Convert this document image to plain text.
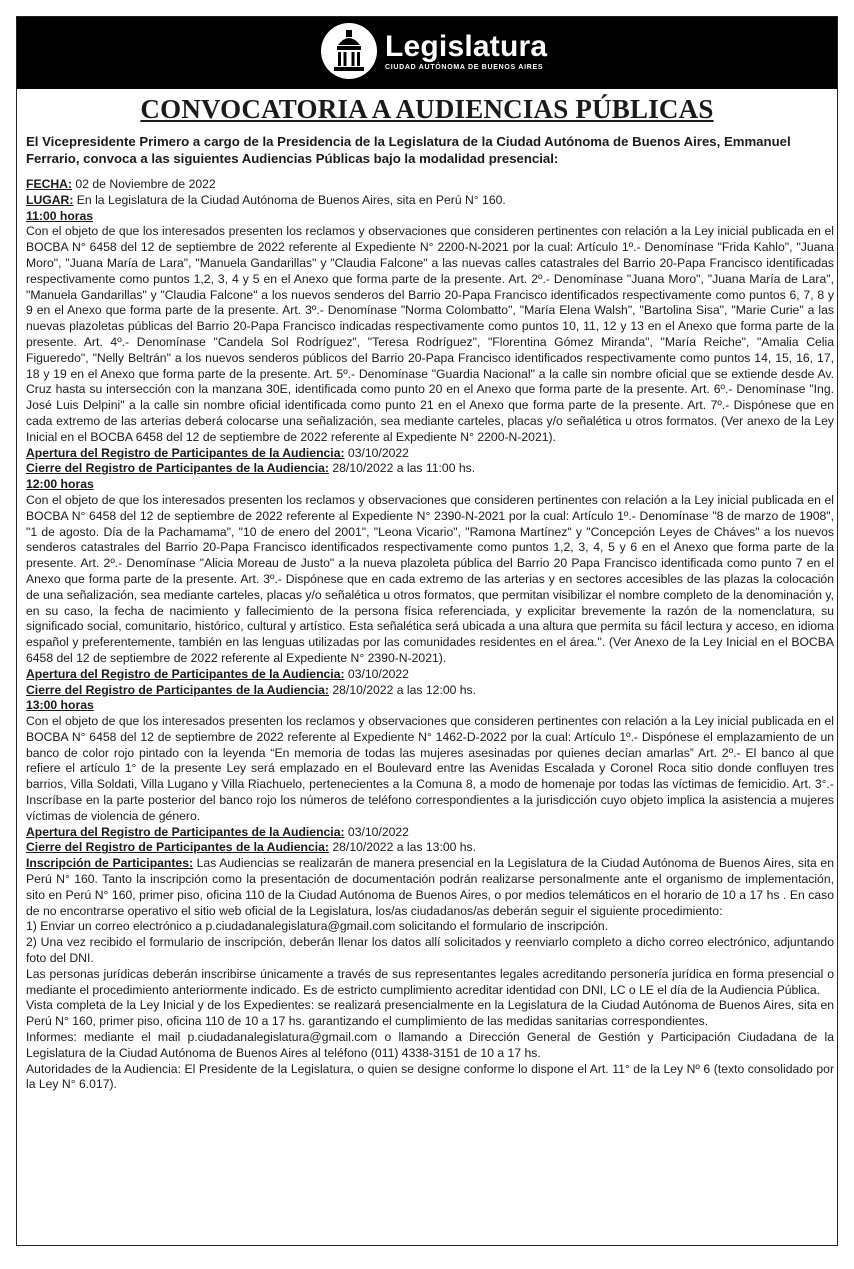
Legislatura
CIUDAD AUTÓNOMA DE BUENOS AIRES
CONVOCATORIA A AUDIENCIAS PÚBLICAS
El Vicepresidente Primero a cargo de la Presidencia de la Legislatura de la Ciudad Autónoma de Buenos Aires, Emmanuel Ferrario, convoca a las siguientes Audiencias Públicas bajo la modalidad presencial:

FECHA: 02 de Noviembre de 2022

LUGAR: En la Legislatura de la Ciudad Autónoma de Buenos Aires, sita en Perú N° 160.

11:00 horas

Con el objeto de que los interesados presenten los reclamos y observaciones que consideren pertinentes con relación a la Ley inicial publicada en el BOCBA N° 6458 del 12 de septiembre de 2022 referente al Expediente N° 2200-N-2021 por la cual: Artículo 1º.- Denomínase "Frida Kahlo", "Juana Moro", "Juana María de Lara", "Manuela Gandarillas" y "Claudia Falcone" a las nuevas calles catastrales del Barrio 20-Papa Francisco identificadas respectivamente como puntos 1,2, 3, 4 y 5 en el Anexo que forma parte de la presente. Art. 2º.- Denomínase "Juana Moro", "Juana María de Lara", "Manuela Gandarillas" y "Claudia Falcone" a los nuevos senderos del Barrio 20-Papa Francisco identificados respectivamente como puntos 6, 7, 8 y 9 en el Anexo que forma parte de la presente. Art. 3º.- Denomínase "Norma Colombatto", "María Elena Walsh", "Bartolina Sisa", "Marie Curie" a las nuevas plazoletas públicas del Barrio 20-Papa Francisco indicadas respectivamente como puntos 10, 11, 12 y 13 en el Anexo que forma parte de la presente. Art. 4º.- Denomínase "Candela Sol Rodríguez", "Teresa Rodríguez", "Florentina Gómez Miranda", "María Reiche", "Amalia Celia Figueredo", "Nelly Beltrán" a los nuevos senderos públicos del Barrio 20-Papa Francisco identificados respectivamente como puntos 14, 15, 16, 17, 18 y 19 en el Anexo que forma parte de la presente. Art. 5º.- Denomínase "Guardia Nacional" a la calle sin nombre oficial que se extiende desde Av. Cruz hasta su intersección con la manzana 30E, identificada como punto 20 en el Anexo que forma parte de la presente. Art. 6º.- Denomínase "Ing. José Luis Delpini" a la calle sin nombre oficial identificada como punto 21 en el Anexo que forma parte de la presente. Art. 7º.- Dispónese que en cada extremo de las arterias deberá colocarse una señalización, sea mediante carteles, placas y/o señalética u otros formatos. (Ver anexo de la Ley Inicial en el BOCBA 6458 del 12 de septiembre de 2022 referente al Expediente N° 2200-N-2021).

Apertura del Registro de Participantes de la Audiencia: 03/10/2022

Cierre del Registro de Participantes de la Audiencia: 28/10/2022 a las 11:00 hs.

12:00 horas

Con el objeto de que los interesados presenten los reclamos y observaciones que consideren pertinentes con relación a la Ley inicial publicada en el BOCBA N° 6458 del 12 de septiembre de 2022 referente al Expediente N° 2390-N-2021 por la cual: Artículo 1º.- Denomínase "8 de marzo de 1908", "1 de agosto. Día de la Pachamama", "10 de enero del 2001", "Leona Vicario", "Ramona Martínez" y "Concepción Leyes de Cháves" a los nuevos senderos catastrales del Barrio 20-Papa Francisco identificados respectivamente como puntos 1,2, 3, 4, 5 y 6 en el Anexo que forma parte de la presente. Art. 2º.- Denomínase "Alicia Moreau de Justo" a la nueva plazoleta pública del Barrio 20 Papa Francisco identificada como punto 7 en el Anexo que forma parte de la presente. Art. 3º.- Dispónese que en cada extremo de las arterias y en sectores accesibles de las plazas la colocación de una señalización, sea mediante carteles, placas y/o señalética u otros formatos, que permitan visibilizar el nombre completo de la denominación y, en su caso, la fecha de nacimiento y fallecimiento de la persona física referenciada, y explicitar brevemente la razón de la nomenclatura, su significado social, comunitario, histórico, cultural y artístico. Esta señalética será ubicada a una altura que permita su fácil lectura y acceso, en idioma español y preferentemente, también en las lenguas utilizadas por las comunidades residentes en el área.". (Ver Anexo de la Ley Inicial en el BOCBA 6458 del 12 de septiembre de 2022 referente al Expediente N° 2390-N-2021).

Apertura del Registro de Participantes de la Audiencia: 03/10/2022

Cierre del Registro de Participantes de la Audiencia: 28/10/2022 a las 12:00 hs.

13:00 horas

Con el objeto de que los interesados presenten los reclamos y observaciones que consideren pertinentes con relación a la Ley inicial publicada en el BOCBA N° 6458 del 12 de septiembre de 2022 referente al Expediente N° 1462-D-2022 por la cual: Artículo 1º.- Dispónese el emplazamiento de un banco de color rojo pintado con la leyenda “En memoria de todas las mujeres asesinadas por quienes decían amarlas” Art. 2º.- El banco al que refiere el artículo 1° de la presente Ley será emplazado en el Boulevard entre las Avenidas Escalada y Coronel Roca sitio donde confluyen tres barrios, Villa Soldati, Villa Lugano y Villa Riachuelo, pertenecientes a la Comuna 8, a modo de homenaje por todas las víctimas de femicidio. Art. 3°.- Inscríbase en la parte posterior del banco rojo los números de teléfono correspondientes a la jurisdicción cuyo objeto implica la asistencia a mujeres víctimas de violencia de género.

Apertura del Registro de Participantes de la Audiencia: 03/10/2022

Cierre del Registro de Participantes de la Audiencia: 28/10/2022 a las 13:00 hs.

Inscripción de Participantes: Las Audiencias se realizarán de manera presencial en la Legislatura de la Ciudad Autónoma de Buenos Aires, sita en Perú N° 160. Tanto la inscripción como la presentación de documentación podrán realizarse personalmente ante el organismo de implementación, sito en Perú N° 160, primer piso, oficina 110 de la Ciudad Autónoma de Buenos Aires, o por medios telemáticos en el horario de 10 a 17 hs . En caso de no encontrarse operativo el sitio web oficial de la Legislatura, los/as ciudadanos/as deberán seguir el siguiente procedimiento:

1) Enviar un correo electrónico a p.ciudadanalegislatura@gmail.com solicitando el formulario de inscripción.

2) Una vez recibido el formulario de inscripción, deberán llenar los datos allí solicitados y reenviarlo completo a dicho correo electrónico, adjuntando foto del DNI.

Las personas jurídicas deberán inscribirse únicamente a través de sus representantes legales acreditando personería jurídica en forma presencial o mediante el procedimiento anteriormente indicado. Es de estricto cumplimiento acreditar identidad con DNI, LC o LE el día de la Audiencia Pública.

Vista completa de la Ley Inicial y de los Expedientes: se realizará presencialmente en la Legislatura de la Ciudad Autónoma de Buenos Aires, sita en Perú N° 160, primer piso, oficina 110 de 10 a 17 hs. garantizando el cumplimiento de las medidas sanitarias correspondientes.

Informes: mediante el mail p.ciudadanalegislatura@gmail.com o llamando a Dirección General de Gestión y Participación Ciudadana de la Legislatura de la Ciudad Autónoma de Buenos Aires al teléfono (011) 4338-3151 de 10 a 17 hs.

Autoridades de la Audiencia: El Presidente de la Legislatura, o quien se designe conforme lo dispone el Art. 11° de la Ley Nº 6 (texto consolidado por la Ley N° 6.017).
